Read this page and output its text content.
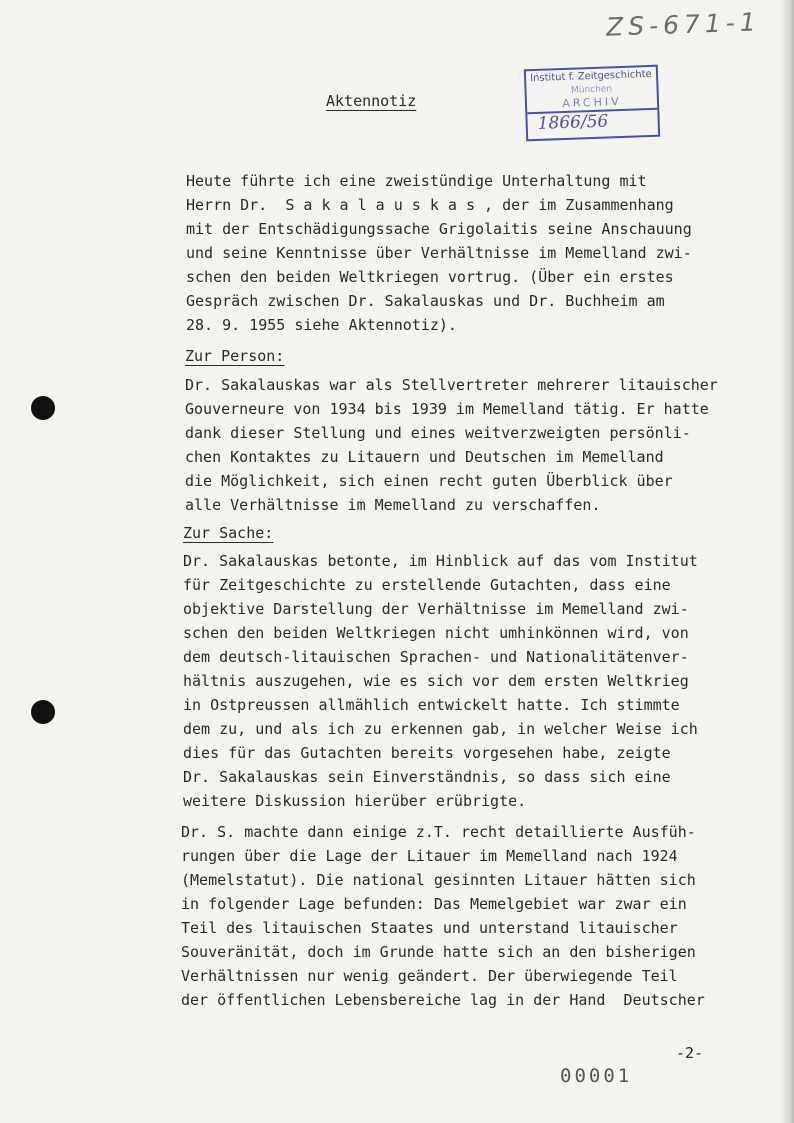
ZS-671-1
Institut f. Zeitgeschichte
München
ARCHIV
1866/56
Aktennotiz
Heute führte ich eine zweistündige Unterhaltung mit
Herrn Dr.  S a k a l a u s k a s , der im Zusammenhang
mit der Entschädigungssache Grigolaitis seine Anschauung
und seine Kenntnisse über Verhältnisse im Memelland zwi-
schen den beiden Weltkriegen vortrug. (Über ein erstes
Gespräch zwischen Dr. Sakalauskas und Dr. Buchheim am
28. 9. 1955 siehe Aktennotiz).
Zur Person:
Dr. Sakalauskas war als Stellvertreter mehrerer litauischer
Gouverneure von 1934 bis 1939 im Memelland tätig. Er hatte
dank dieser Stellung und eines weitverzweigten persönli-
chen Kontaktes zu Litauern und Deutschen im Memelland
die Möglichkeit, sich einen recht guten Überblick über
alle Verhältnisse im Memelland zu verschaffen.
Zur Sache:
Dr. Sakalauskas betonte, im Hinblick auf das vom Institut
für Zeitgeschichte zu erstellende Gutachten, dass eine
objektive Darstellung der Verhältnisse im Memelland zwi-
schen den beiden Weltkriegen nicht umhinkönnen wird, von
dem deutsch-litauischen Sprachen- und Nationalitätenver-
hältnis auszugehen, wie es sich vor dem ersten Weltkrieg
in Ostpreussen allmählich entwickelt hatte. Ich stimmte
dem zu, und als ich zu erkennen gab, in welcher Weise ich
dies für das Gutachten bereits vorgesehen habe, zeigte
Dr. Sakalauskas sein Einverständnis, so dass sich eine
weitere Diskussion hierüber erübrigte.
Dr. S. machte dann einige z.T. recht detaillierte Ausfüh-
rungen über die Lage der Litauer im Memelland nach 1924
(Memelstatut). Die national gesinnten Litauer hätten sich
in folgender Lage befunden: Das Memelgebiet war zwar ein
Teil des litauischen Staates und unterstand litauischer
Souveränität, doch im Grunde hatte sich an den bisherigen
Verhältnissen nur wenig geändert. Der überwiegende Teil
der öffentlichen Lebensbereiche lag in der Hand  Deutscher
-2-
00001
